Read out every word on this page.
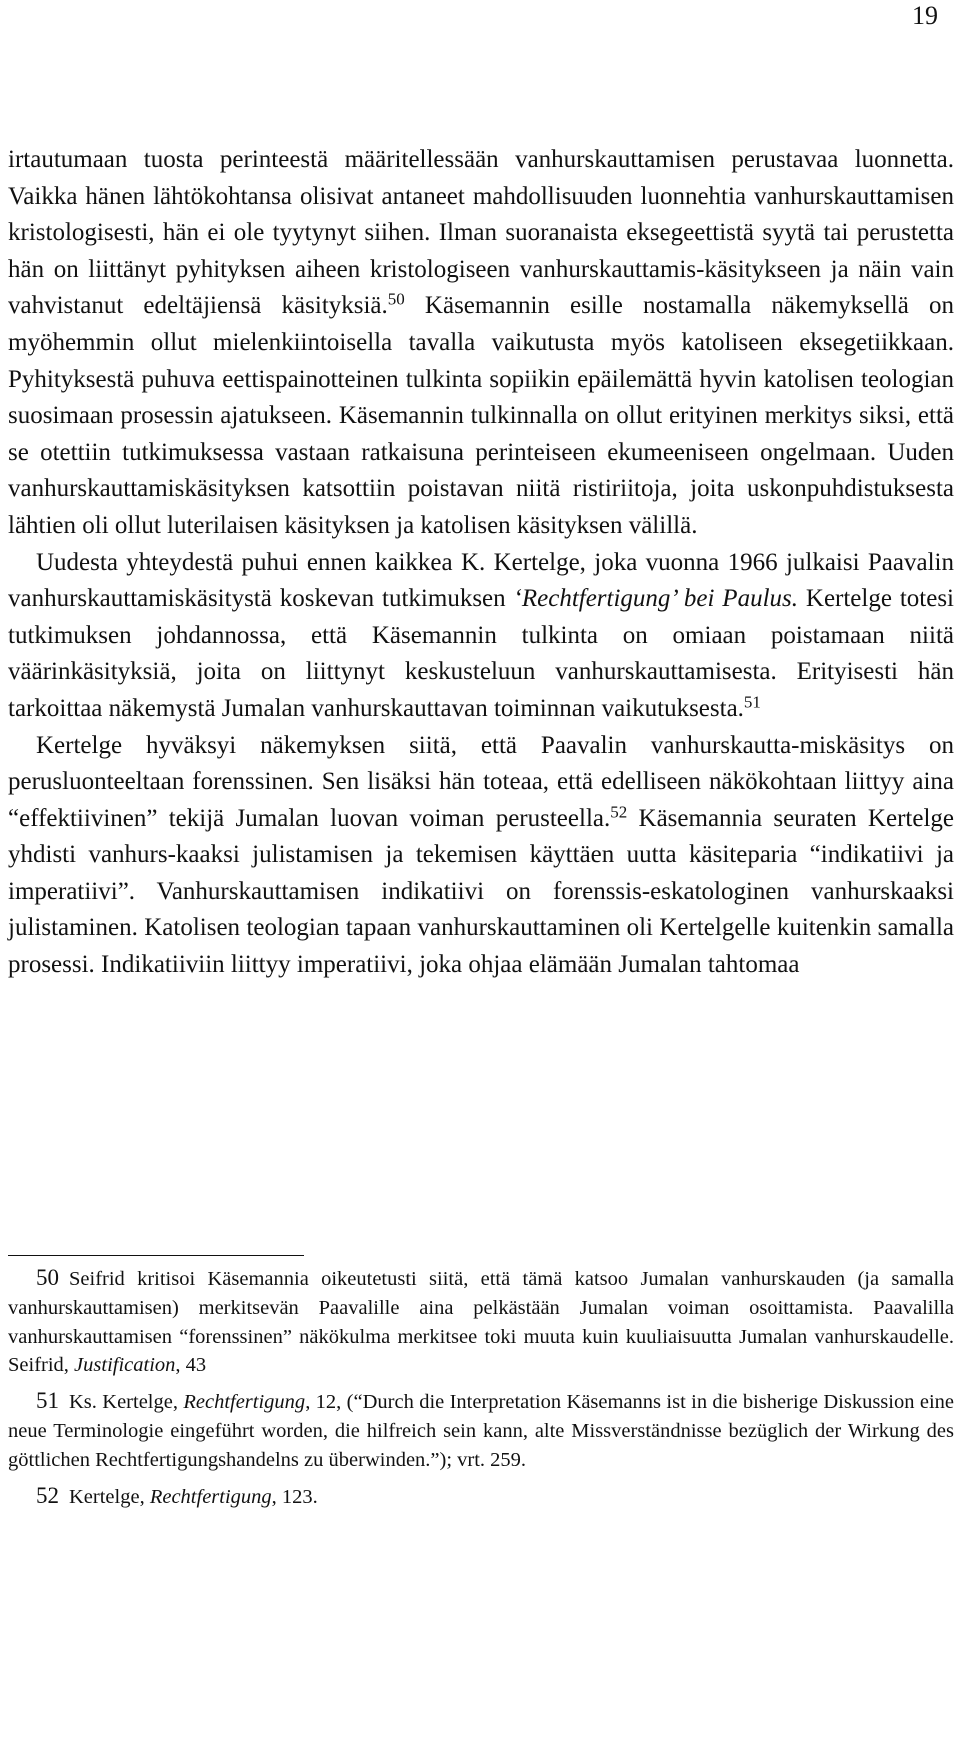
19

irtautumaan tuosta perinteestä määritellessään vanhurskauttamisen perustavaa luonnetta. Vaikka hänen lähtökohtansa olisivat antaneet mahdollisuuden luonnehtia vanhurskauttamisen kristologisesti, hän ei ole tyytynyt siihen. Ilman suoranaista eksegeettistä syytä tai perustetta hän on liittänyt pyhityksen aiheen kristologiseen vanhurskauttamis-käsitykseen ja näin vain vahvistanut edeltäjiensä käsityksiä.$^{50}$ Käsemannin esille nostamalla näkemyksellä on myöhemmin ollut mielenkiintoisella tavalla vaikutusta myös katoliseen eksegetiikkaan. Pyhityksestä puhuva eettispainotteinen tulkinta sopiikin epäilemättä hyvin katolisen teologian suosimaan prosessin ajatukseen. Käsemannin tulkinnalla on ollut erityinen merkitys siksi, että se otettiin tutkimuksessa vastaan ratkaisuna perinteiseen ekumeeniseen ongelmaan. Uuden vanhurskauttamiskäsityksen katsottiin poistavan niitä ristiriitoja, joita uskonpuhdistuksesta lähtien oli ollut luterilaisen käsityksen ja katolisen käsityksen välillä.

Uudesta yhteydestä puhui ennen kaikkea K. Kertelge, joka vuonna 1966 julkaisi Paavalin vanhurskauttamiskäsitystä koskevan tutkimuksen ‘Rechtfertigung’ bei Paulus. Kertelge totesi tutkimuksen johdannossa, että Käsemannin tulkinta on omiaan poistamaan niitä väärinkäsityksiä, joita on liittynyt keskusteluun vanhurskauttamisesta. Erityisesti hän tarkoittaa näkemystä Jumalan vanhurskauttavan toiminnan vaikutuksesta.$^{51}$

Kertelge hyväksyi näkemyksen siitä, että Paavalin vanhurskautta-miskäsitys on perusluonteeltaan forenssinen. Sen lisäksi hän toteaa, että edelliseen näkökohtaan liittyy aina “effektiivinen” tekijä Jumalan luovan voiman perusteella.$^{52}$ Käsemannia seuraten Kertelge yhdisti vanhurs-kaaksi julistamisen ja tekemisen käyttäen uutta käsiteparia “indikatiivi ja imperatiivi”. Vanhurskauttamisen indikatiivi on forenssis-eskatologinen vanhurskaaksi julistaminen. Katolisen teologian tapaan vanhurskauttaminen oli Kertelgelle kuitenkin samalla prosessi. Indikatiiviin liittyy imperatiivi, joka ohjaa elämään Jumalan tahtomaa

50 Seifrid kritisoi Käsemannia oikeutetusti siitä, että tämä katsoo Jumalan vanhurskauden (ja samalla vanhurskauttamisen) merkitsevän Paavalille aina pelkästään Jumalan voiman osoittamista. Paavalilla vanhurskauttamisen “forenssinen” näkökulma merkitsee toki muuta kuin kuuliaisuutta Jumalan vanhurskaudelle. Seifrid, Justification, 43

51 Ks. Kertelge, Rechtfertigung, 12, (“Durch die Interpretation Käsemanns ist in die bisherige Diskussion eine neue Terminologie eingeführt worden, die hilfreich sein kann, alte Missverständnisse bezüglich der Wirkung des göttlichen Rechtfertigungshandelns zu überwinden.”); vrt. 259.

52 Kertelge, Rechtfertigung, 123.
